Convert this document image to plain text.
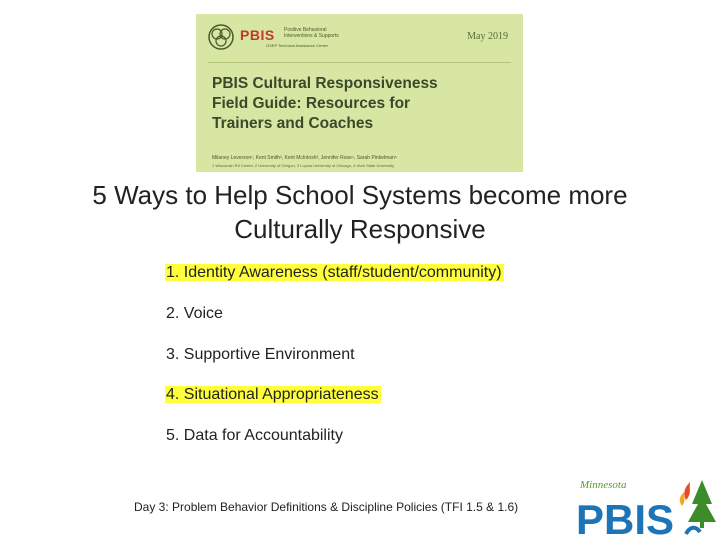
PBIS Positive Behavioral Interventions & Supports
OSEP Technical Assistance Center
May 2019
PBIS Cultural Responsiveness
Field Guide: Resources for
Trainers and Coaches
Milaney Leverson¹, Kent Smith², Kent McIntosh³, Jennifer Rose⁴, Sarah Pinkelman⁵
1 Wisconsin RtI Center, 2 University of Oregon, 3 Loyola University of Chicago, 4 Utah State University
5 Ways to Help School Systems become more
Culturally Responsive
1. Identity Awareness (staff/student/community)
2. Voice
3. Supportive Environment
4. Situational Appropriateness
5. Data for Accountability
Day 3: Problem Behavior Definitions & Discipline Policies (TFI 1.5 & 1.6)
Minnesota
PBIS
